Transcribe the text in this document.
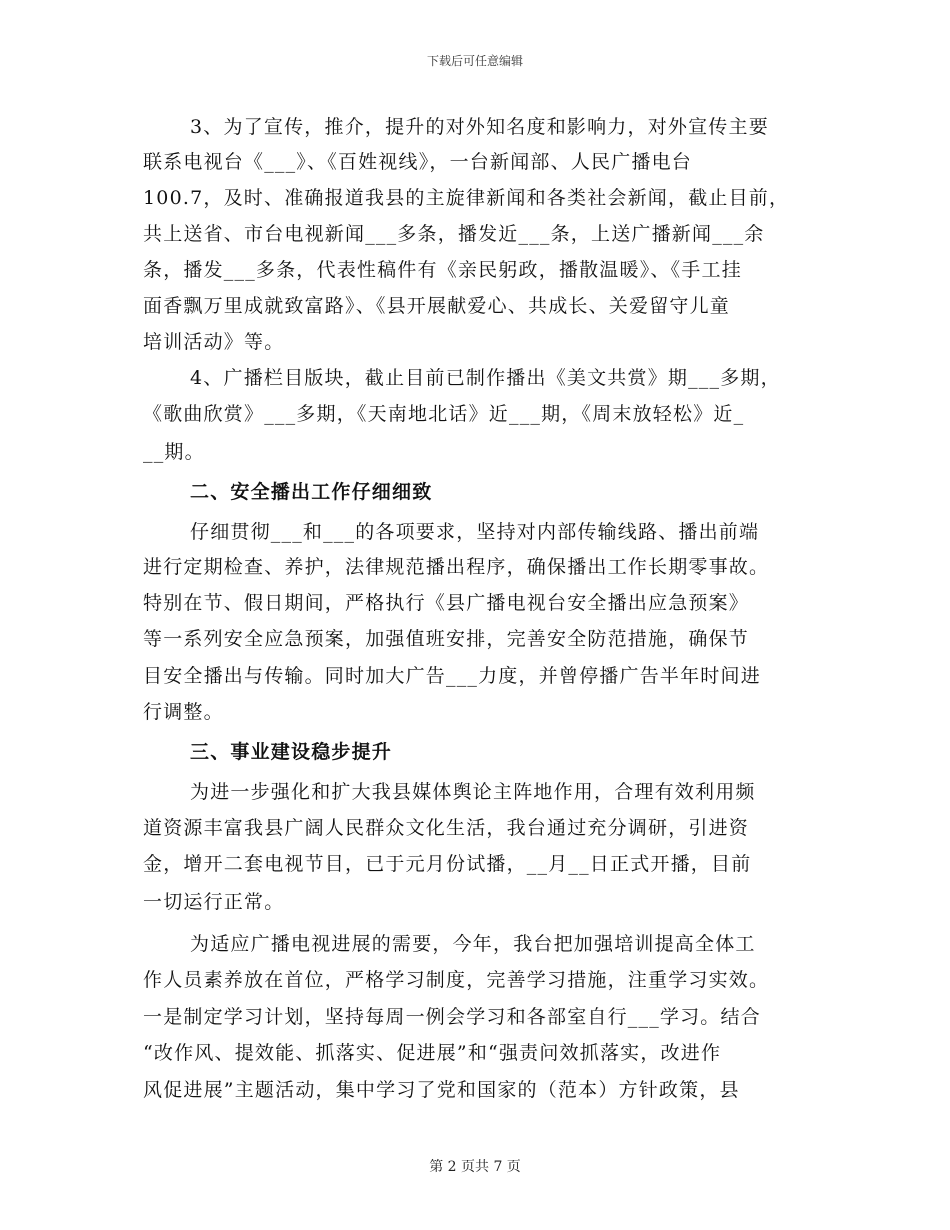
下载后可任意编辑
3、为了宣传，推介，提升的对外知名度和影响力，对外宣传主要
联系电视台《___》、《百姓视线》，一台新闻部、人民广播电台
100.7，及时、准确报道我县的主旋律新闻和各类社会新闻，截止目前，
共上送省、市台电视新闻___多条，播发近___条，上送广播新闻___余
条，播发___多条，代表性稿件有《亲民躬政，播散温暖》、《手工挂
面香飘万里成就致富路》、《县开展献爱心、共成长、关爱留守儿童
培训活动》等。
4、广播栏目版块，截止目前已制作播出《美文共赏》期___多期，
《歌曲欣赏》___多期，《天南地北话》近___期，《周末放轻松》近_
__期。
二、安全播出工作仔细细致
仔细贯彻___和___的各项要求，坚持对内部传输线路、播出前端
进行定期检查、养护，法律规范播出程序，确保播出工作长期零事故。
特别在节、假日期间，严格执行《县广播电视台安全播出应急预案》
等一系列安全应急预案，加强值班安排，完善安全防范措施，确保节
目安全播出与传输。同时加大广告___力度，并曾停播广告半年时间进
行调整。
三、事业建设稳步提升
为进一步强化和扩大我县媒体舆论主阵地作用，合理有效利用频
道资源丰富我县广阔人民群众文化生活，我台通过充分调研，引进资
金，增开二套电视节目，已于元月份试播，__月__日正式开播，目前
一切运行正常。
为适应广播电视进展的需要，今年，我台把加强培训提高全体工
作人员素养放在首位，严格学习制度，完善学习措施，注重学习实效。
一是制定学习计划，坚持每周一例会学习和各部室自行___学习。结合
“改作风、提效能、抓落实、促进展”和“强责问效抓落实，改进作
风促进展”主题活动，集中学习了党和国家的（范本）方针政策，县
第 2 页共 7 页
